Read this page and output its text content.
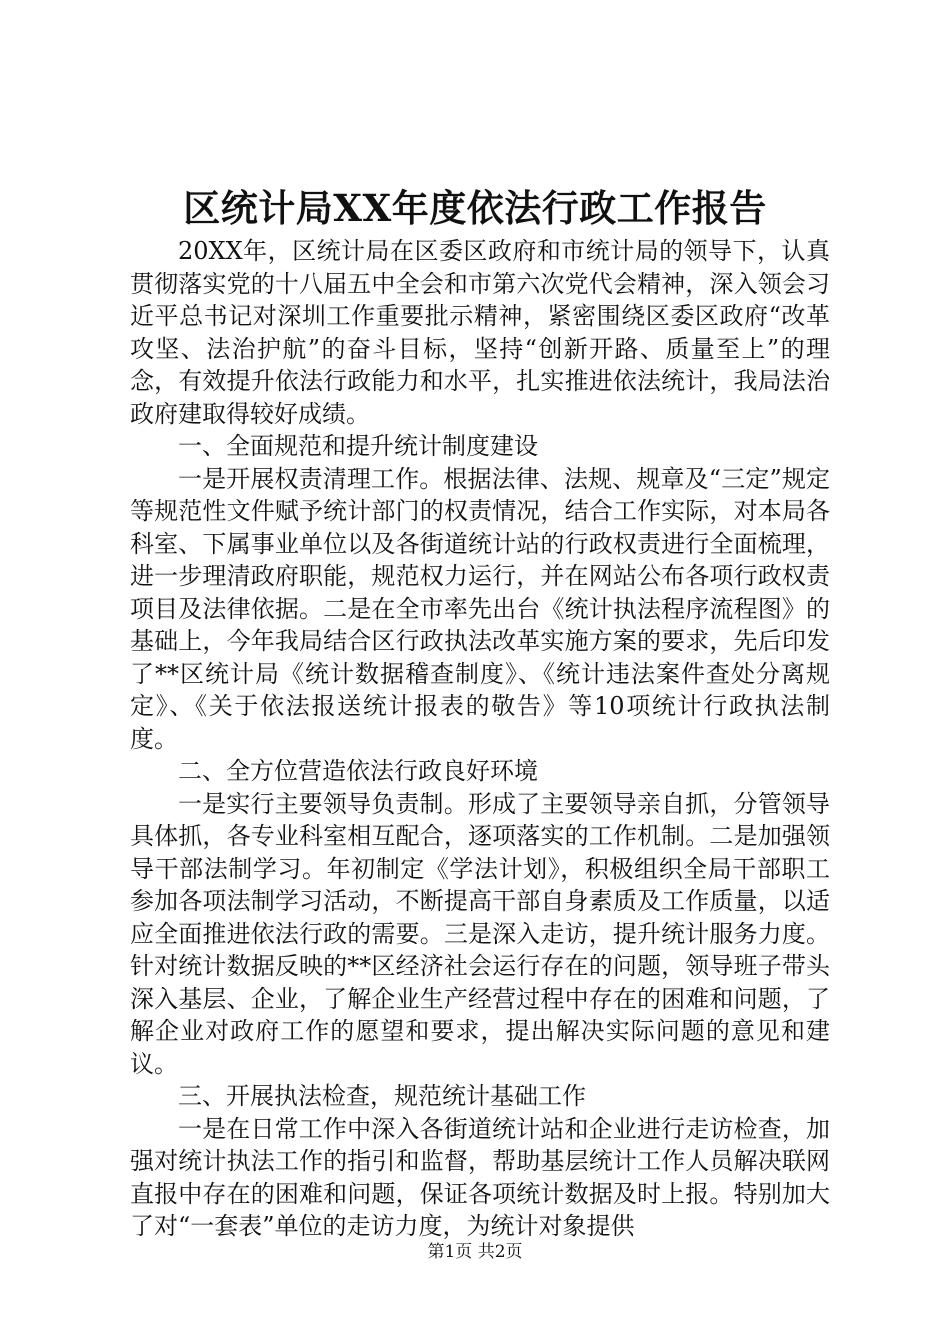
区统计局XX年度依法行政工作报告

20XX年，区统计局在区委区政府和市统计局的领导下，认真贯彻落实党的十八届五中全会和市第六次党代会精神，深入领会习近平总书记对深圳工作重要批示精神，紧密围绕区委区政府“改革攻坚、法治护航”的奋斗目标，坚持“创新开路、质量至上”的理念，有效提升依法行政能力和水平，扎实推进依法统计，我局法治政府建取得较好成绩。

一、全面规范和提升统计制度建设

一是开展权责清理工作。根据法律、法规、规章及“三定”规定等规范性文件赋予统计部门的权责情况，结合工作实际，对本局各科室、下属事业单位以及各街道统计站的行政权责进行全面梳理，进一步理清政府职能，规范权力运行，并在网站公布各项行政权责项目及法律依据。二是在全市率先出台《统计执法程序流程图》的基础上，今年我局结合区行政执法改革实施方案的要求，先后印发了**区统计局《统计数据稽查制度》、《统计违法案件查处分离规定》、《关于依法报送统计报表的敬告》等10项统计行政执法制度。

二、全方位营造依法行政良好环境

一是实行主要领导负责制。形成了主要领导亲自抓，分管领导具体抓，各专业科室相互配合，逐项落实的工作机制。二是加强领导干部法制学习。年初制定《学法计划》，积极组织全局干部职工参加各项法制学习活动，不断提高干部自身素质及工作质量，以适应全面推进依法行政的需要。三是深入走访，提升统计服务力度。针对统计数据反映的**区经济社会运行存在的问题，领导班子带头深入基层、企业，了解企业生产经营过程中存在的困难和问题，了解企业对政府工作的愿望和要求，提出解决实际问题的意见和建议。

三、开展执法检查，规范统计基础工作

一是在日常工作中深入各街道统计站和企业进行走访检查，加强对统计执法工作的指引和监督，帮助基层统计工作人员解决联网直报中存在的困难和问题，保证各项统计数据及时上报。特别加大了对“一套表”单位的走访力度，为统计对象提供

第1页 共2页
